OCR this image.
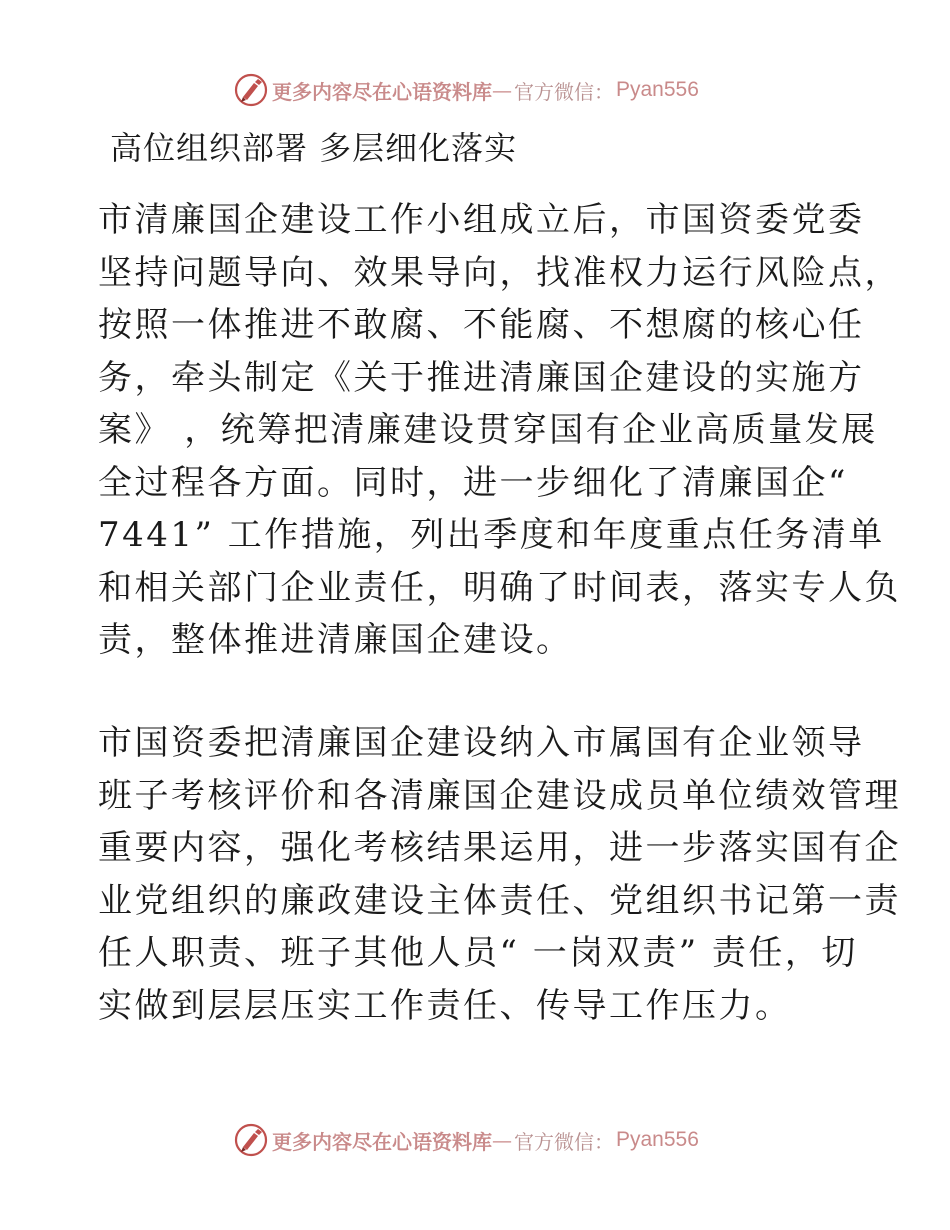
更多内容尽在心语资料库 — 官方微信： Pyan556
高位组织部署 多层细化落实

市清廉国企建设工作小组成立后，市国资委党委
坚持问题导向、效果导向，找准权力运行风险点，
按照一体推进不敢腐、不能腐、不想腐的核心任
务，牵头制定《关于推进清廉国企建设的实施方
案》 ，统筹把清廉建设贯穿国有企业高质量发展
全过程各方面。同时，进一步细化了清廉国企“
7441” 工作措施，列出季度和年度重点任务清单
和相关部门企业责任，明确了时间表，落实专人负
责，整体推进清廉国企建设。

市国资委把清廉国企建设纳入市属国有企业领导
班子考核评价和各清廉国企建设成员单位绩效管理
重要内容，强化考核结果运用，进一步落实国有企
业党组织的廉政建设主体责任、党组织书记第一责
任人职责、班子其他人员“ 一岗双责” 责任，切
实做到层层压实工作责任、传导工作压力。

更多内容尽在心语资料库 — 官方微信： Pyan556
